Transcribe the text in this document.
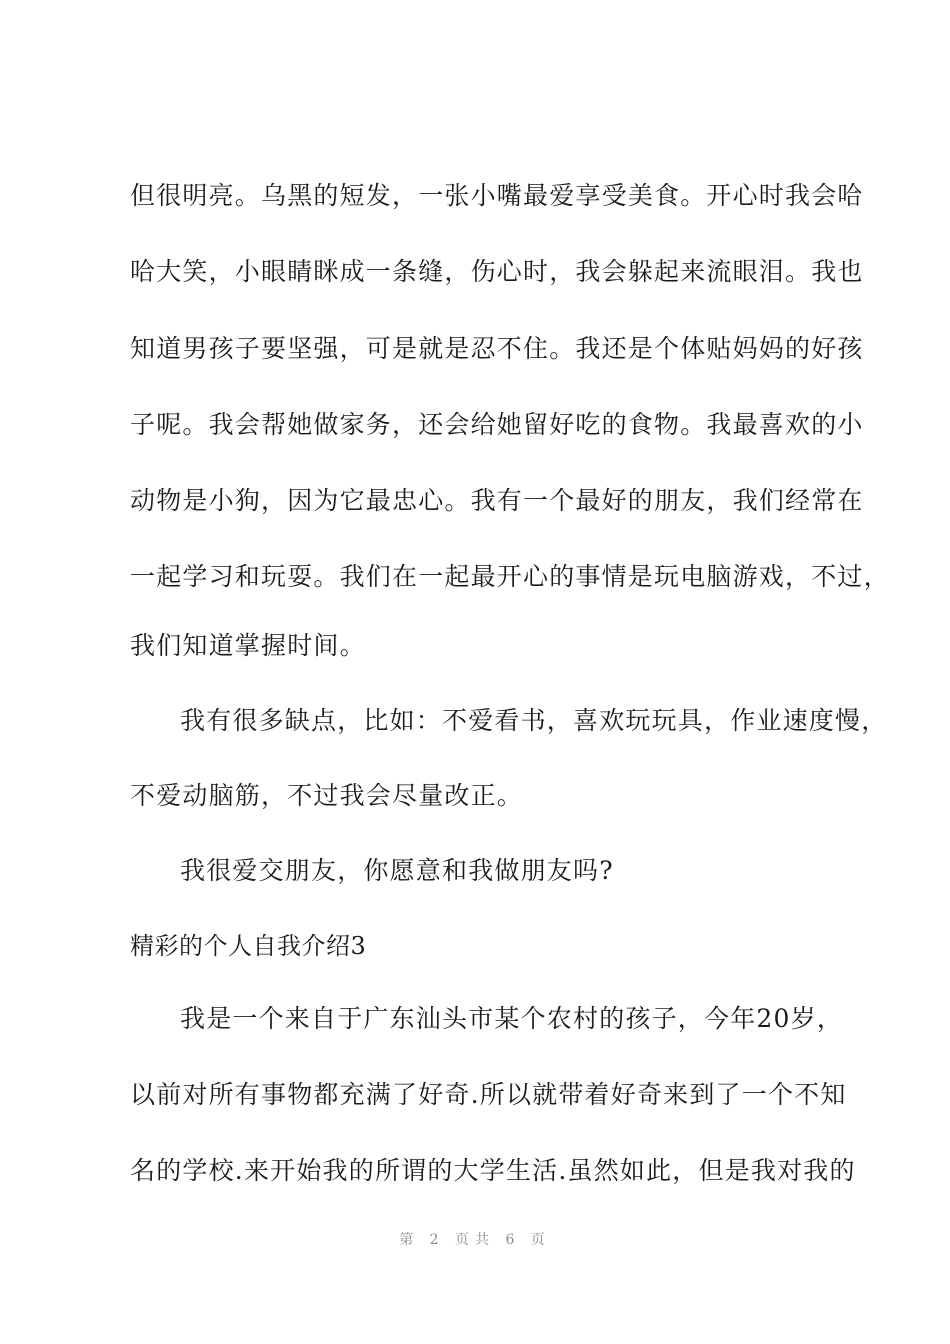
但很明亮。乌黑的短发，一张小嘴最爱享受美食。开心时我会哈
哈大笑，小眼睛眯成一条缝，伤心时，我会躲起来流眼泪。我也
知道男孩子要坚强，可是就是忍不住。我还是个体贴妈妈的好孩
子呢。我会帮她做家务，还会给她留好吃的食物。我最喜欢的小
动物是小狗，因为它最忠心。我有一个最好的朋友，我们经常在
一起学习和玩耍。我们在一起最开心的事情是玩电脑游戏，不过，
我们知道掌握时间。
我有很多缺点，比如：不爱看书，喜欢玩玩具，作业速度慢，
不爱动脑筋，不过我会尽量改正。
我很爱交朋友，你愿意和我做朋友吗?
精彩的个人自我介绍3
我是一个来自于广东汕头市某个农村的孩子，今年20岁，
以前对所有事物都充满了好奇.所以就带着好奇来到了一个不知
名的学校.来开始我的所谓的大学生活.虽然如此，但是我对我的
第 2 页共 6 页
